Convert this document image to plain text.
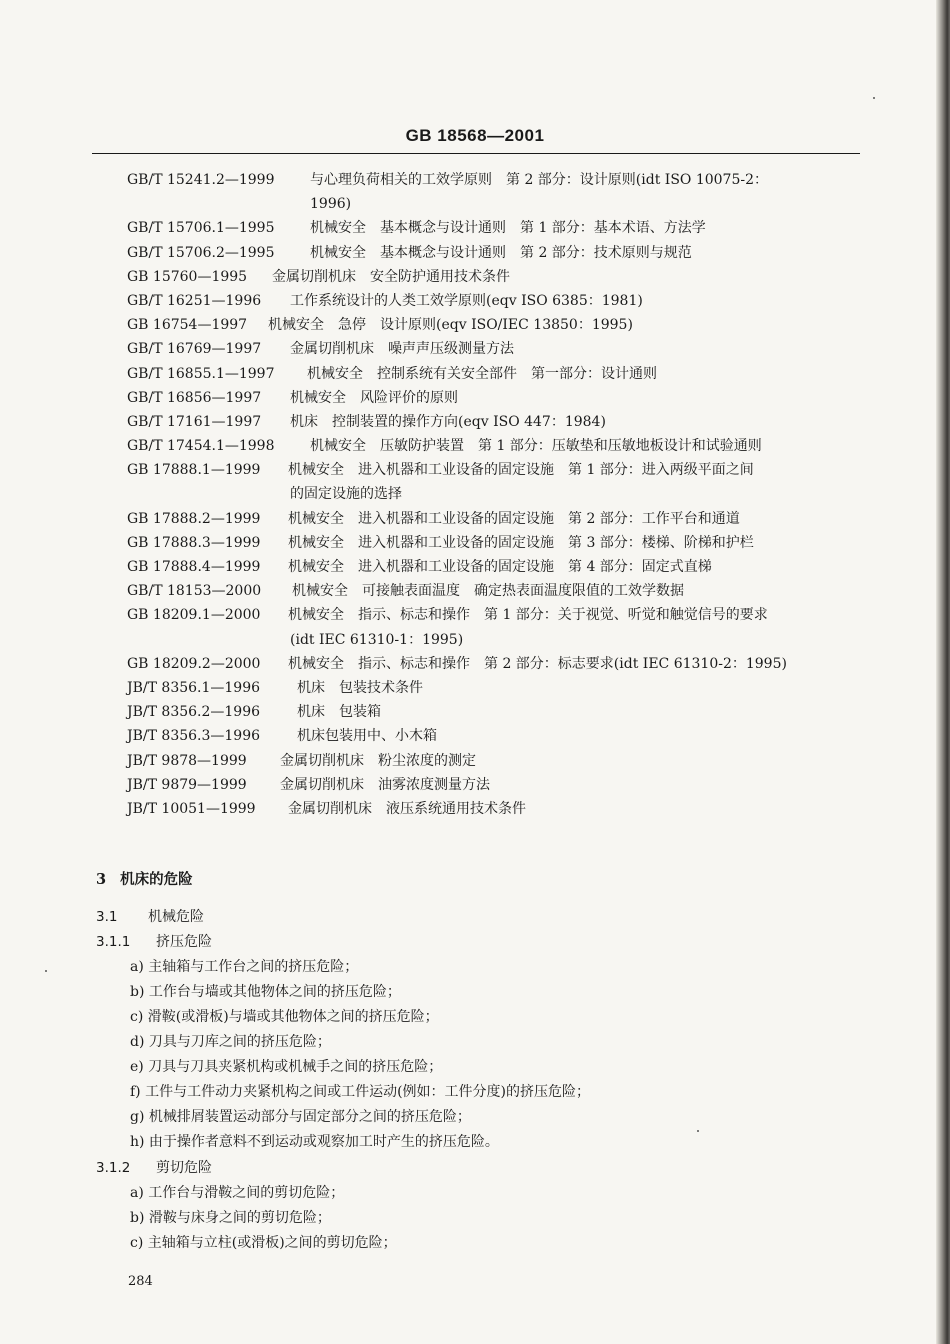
GB 18568—2001
GB/T 15241.2—1999	与心理负荷相关的工效学原则　第 2 部分：设计原则(idt ISO 10075-2：
1996)
GB/T 15706.1—1995	机械安全　基本概念与设计通则　第 1 部分：基本术语、方法学
GB/T 15706.2—1995	机械安全　基本概念与设计通则　第 2 部分：技术原则与规范
GB 15760—1995 金属切削机床　安全防护通用技术条件
GB/T 16251—1996 工作系统设计的人类工效学原则(eqv ISO 6385：1981)
GB 16754—1997 机械安全　急停　设计原则(eqv ISO/IEC 13850：1995)
GB/T 16769—1997 金属切削机床　噪声声压级测量方法
GB/T 16855.1—1997 机械安全　控制系统有关安全部件　第一部分：设计通则
GB/T 16856—1997 机械安全　风险评价的原则
GB/T 17161—1997 机床　控制装置的操作方向(eqv ISO 447：1984)
GB/T 17454.1—1998	机械安全　压敏防护装置　第 1 部分：压敏垫和压敏地板设计和试验通则
GB 17888.1—1999 机械安全　进入机器和工业设备的固定设施　第 1 部分：进入两级平面之间
的固定设施的选择
GB 17888.2—1999 机械安全　进入机器和工业设备的固定设施　第 2 部分：工作平台和通道
GB 17888.3—1999 机械安全　进入机器和工业设备的固定设施　第 3 部分：楼梯、阶梯和护栏
GB 17888.4—1999 机械安全　进入机器和工业设备的固定设施　第 4 部分：固定式直梯
GB/T 18153—2000 机械安全　可接触表面温度　确定热表面温度限值的工效学数据
GB 18209.1—2000 机械安全　指示、标志和操作　第 1 部分：关于视觉、听觉和触觉信号的要求
(idt IEC 61310-1：1995)
GB 18209.2—2000 机械安全　指示、标志和操作　第 2 部分：标志要求(idt IEC 61310-2：1995)
JB/T 8356.1—1996	机床　包装技术条件
JB/T 8356.2—1996	机床　包装箱
JB/T 8356.3—1996	机床包装用中、小木箱
JB/T 9878—1999 金属切削机床　粉尘浓度的测定
JB/T 9879—1999 金属切削机床　油雾浓度测量方法
JB/T 10051—1999 金属切削机床　液压系统通用技术条件
3 机床的危险
3.1 机械危险
3.1.1 挤压危险
a) 主轴箱与工作台之间的挤压危险；
b) 工作台与墙或其他物体之间的挤压危险；
c) 滑鞍(或滑板)与墙或其他物体之间的挤压危险；
d) 刀具与刀库之间的挤压危险；
e) 刀具与刀具夹紧机构或机械手之间的挤压危险；
f) 工件与工件动力夹紧机构之间或工件运动(例如：工件分度)的挤压危险；
g) 机械排屑装置运动部分与固定部分之间的挤压危险；
h) 由于操作者意料不到运动或观察加工时产生的挤压危险。
3.1.2 剪切危险
a) 工作台与滑鞍之间的剪切危险；
b) 滑鞍与床身之间的剪切危险；
c) 主轴箱与立柱(或滑板)之间的剪切危险；
284
